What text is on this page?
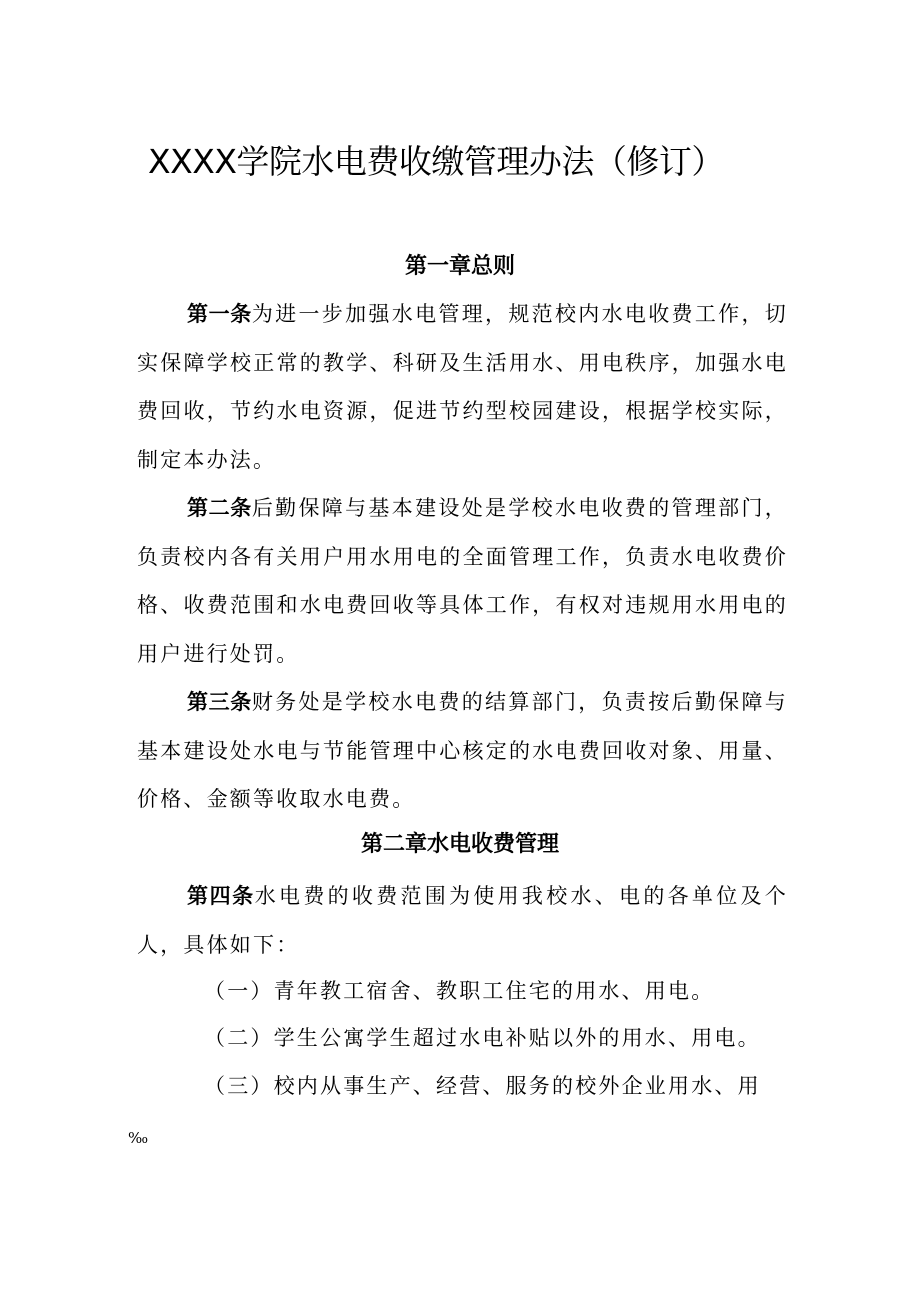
XXXX学院水电费收缴管理办法（修订）
第一章总则

第一条为进一步加强水电管理，规范校内水电收费工作，切实保障学校正常的教学、科研及生活用水、用电秩序，加强水电费回收，节约水电资源，促进节约型校园建设，根据学校实际，制定本办法。

第二条后勤保障与基本建设处是学校水电收费的管理部门，负责校内各有关用户用水用电的全面管理工作，负责水电收费价格、收费范围和水电费回收等具体工作，有权对违规用水用电的用户进行处罚。

第三条财务处是学校水电费的结算部门，负责按后勤保障与基本建设处水电与节能管理中心核定的水电费回收对象、用量、价格、金额等收取水电费。

第二章水电收费管理

第四条水电费的收费范围为使用我校水、电的各单位及个人，具体如下：

（一）青年教工宿舍、教职工住宅的用水、用电。

（二）学生公寓学生超过水电补贴以外的用水、用电。

（三）校内从事生产、经营、服务的校外企业用水、用

‰
